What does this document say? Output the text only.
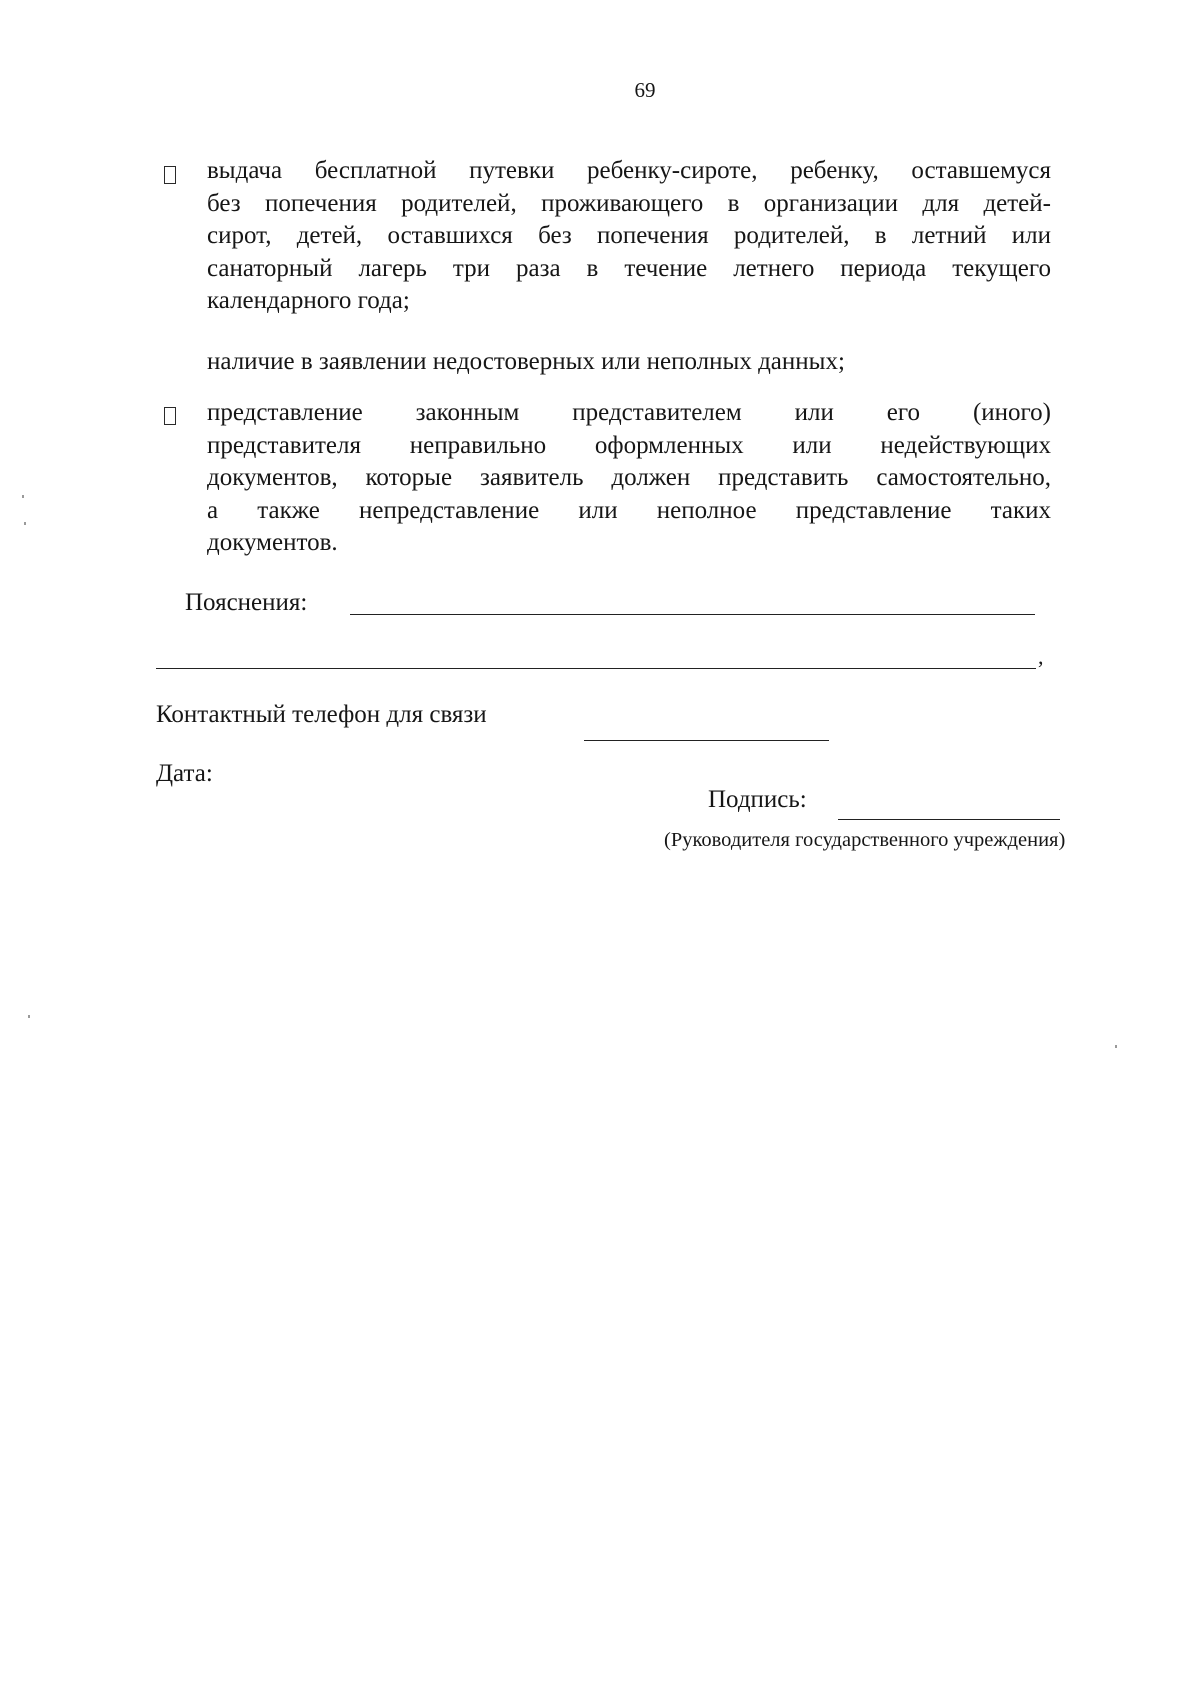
69
выдача бесплатной путевки ребенку-сироте, ребенку, оставшемуся
без попечения родителей, проживающего в организации для детей-
сирот, детей, оставшихся без попечения родителей, в летний или
санаторный лагерь три раза в течение летнего периода текущего
календарного года;
наличие в заявлении недостоверных или неполных данных;
представление законным представителем или его (иного)
представителя неправильно оформленных или недействующих
документов, которые заявитель должен представить самостоятельно,
а также непредставление или неполное представление таких
документов.
Пояснения:
,
Контактный телефон для связи
Дата:
Подпись:
(Руководителя государственного учреждения)
